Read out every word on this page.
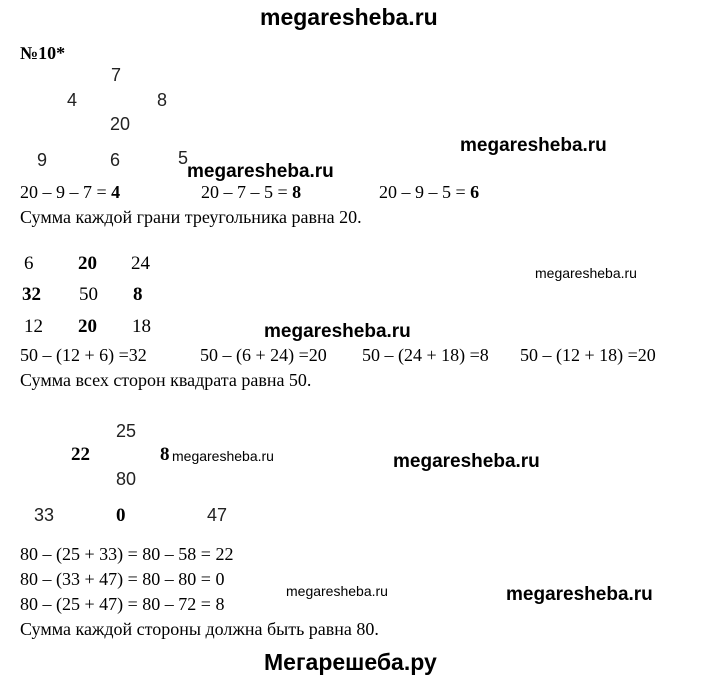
megaresheba.ru
№10*
7
4	8
20
9	6	5
megaresheba.ru
megaresheba.ru
20 – 9 – 7 = 4	20 – 7 – 5 = 8	20 – 9 – 5 = 6
Сумма каждой грани треугольника равна 20.
6 20 24
32 50 8
12 20 18
megaresheba.ru
megaresheba.ru
50 – (12 + 6) =32	50 – (6 + 24) =20 50 – (24 + 18) =8 50 – (12 + 18) =20
Сумма всех сторон квадрата равна 50.
25
22	8 megaresheba.ru
80
33	0	47
megaresheba.ru
80 – (25 + 33) = 80 – 58 = 22
80 – (33 + 47) = 80 – 80 = 0
80 – (25 + 47) = 80 – 72 = 8
Сумма каждой стороны должна быть равна 80.
megaresheba.ru	megaresheba.ru
Мегарешеба.ру
